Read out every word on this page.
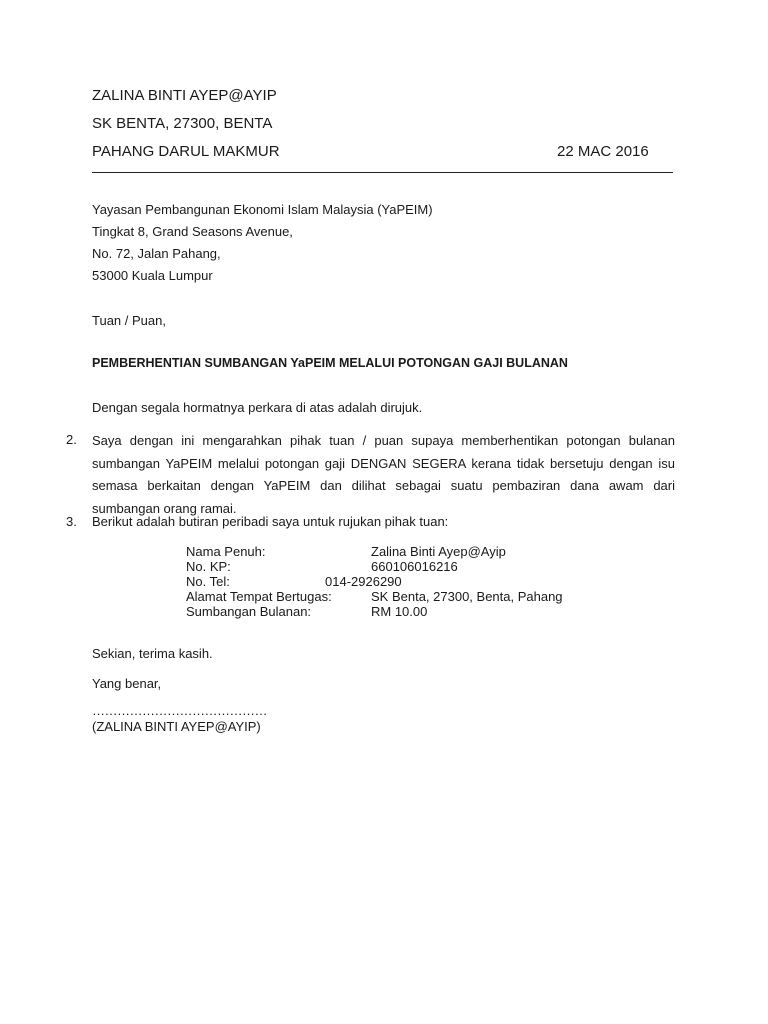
ZALINA BINTI AYEP@AYIP
SK BENTA, 27300, BENTA
PAHANG DARUL MAKMUR	22 MAC 2016
Yayasan Pembangunan Ekonomi Islam Malaysia (YaPEIM)
Tingkat 8, Grand Seasons Avenue,
No. 72, Jalan Pahang,
53000 Kuala Lumpur
Tuan / Puan,
PEMBERHENTIAN SUMBANGAN YaPEIM MELALUI POTONGAN GAJI BULANAN
Dengan segala hormatnya perkara di atas adalah dirujuk.
2. Saya dengan ini mengarahkan pihak tuan / puan supaya memberhentikan potongan bulanan sumbangan YaPEIM melalui potongan gaji DENGAN SEGERA kerana tidak bersetuju dengan isu semasa berkaitan dengan YaPEIM dan dilihat sebagai suatu pembaziran dana awam dari sumbangan orang ramai.
3. Berikut adalah butiran peribadi saya untuk rujukan pihak tuan:
Nama Penuh:	Zalina Binti Ayep@Ayip
No. KP:	660106016216
No. Tel:	014-2926290
Alamat Tempat Bertugas:	SK Benta, 27300, Benta, Pahang
Sumbangan Bulanan:	RM 10.00
Sekian, terima kasih.
Yang benar,
……………………………………
(ZALINA BINTI AYEP@AYIP)
